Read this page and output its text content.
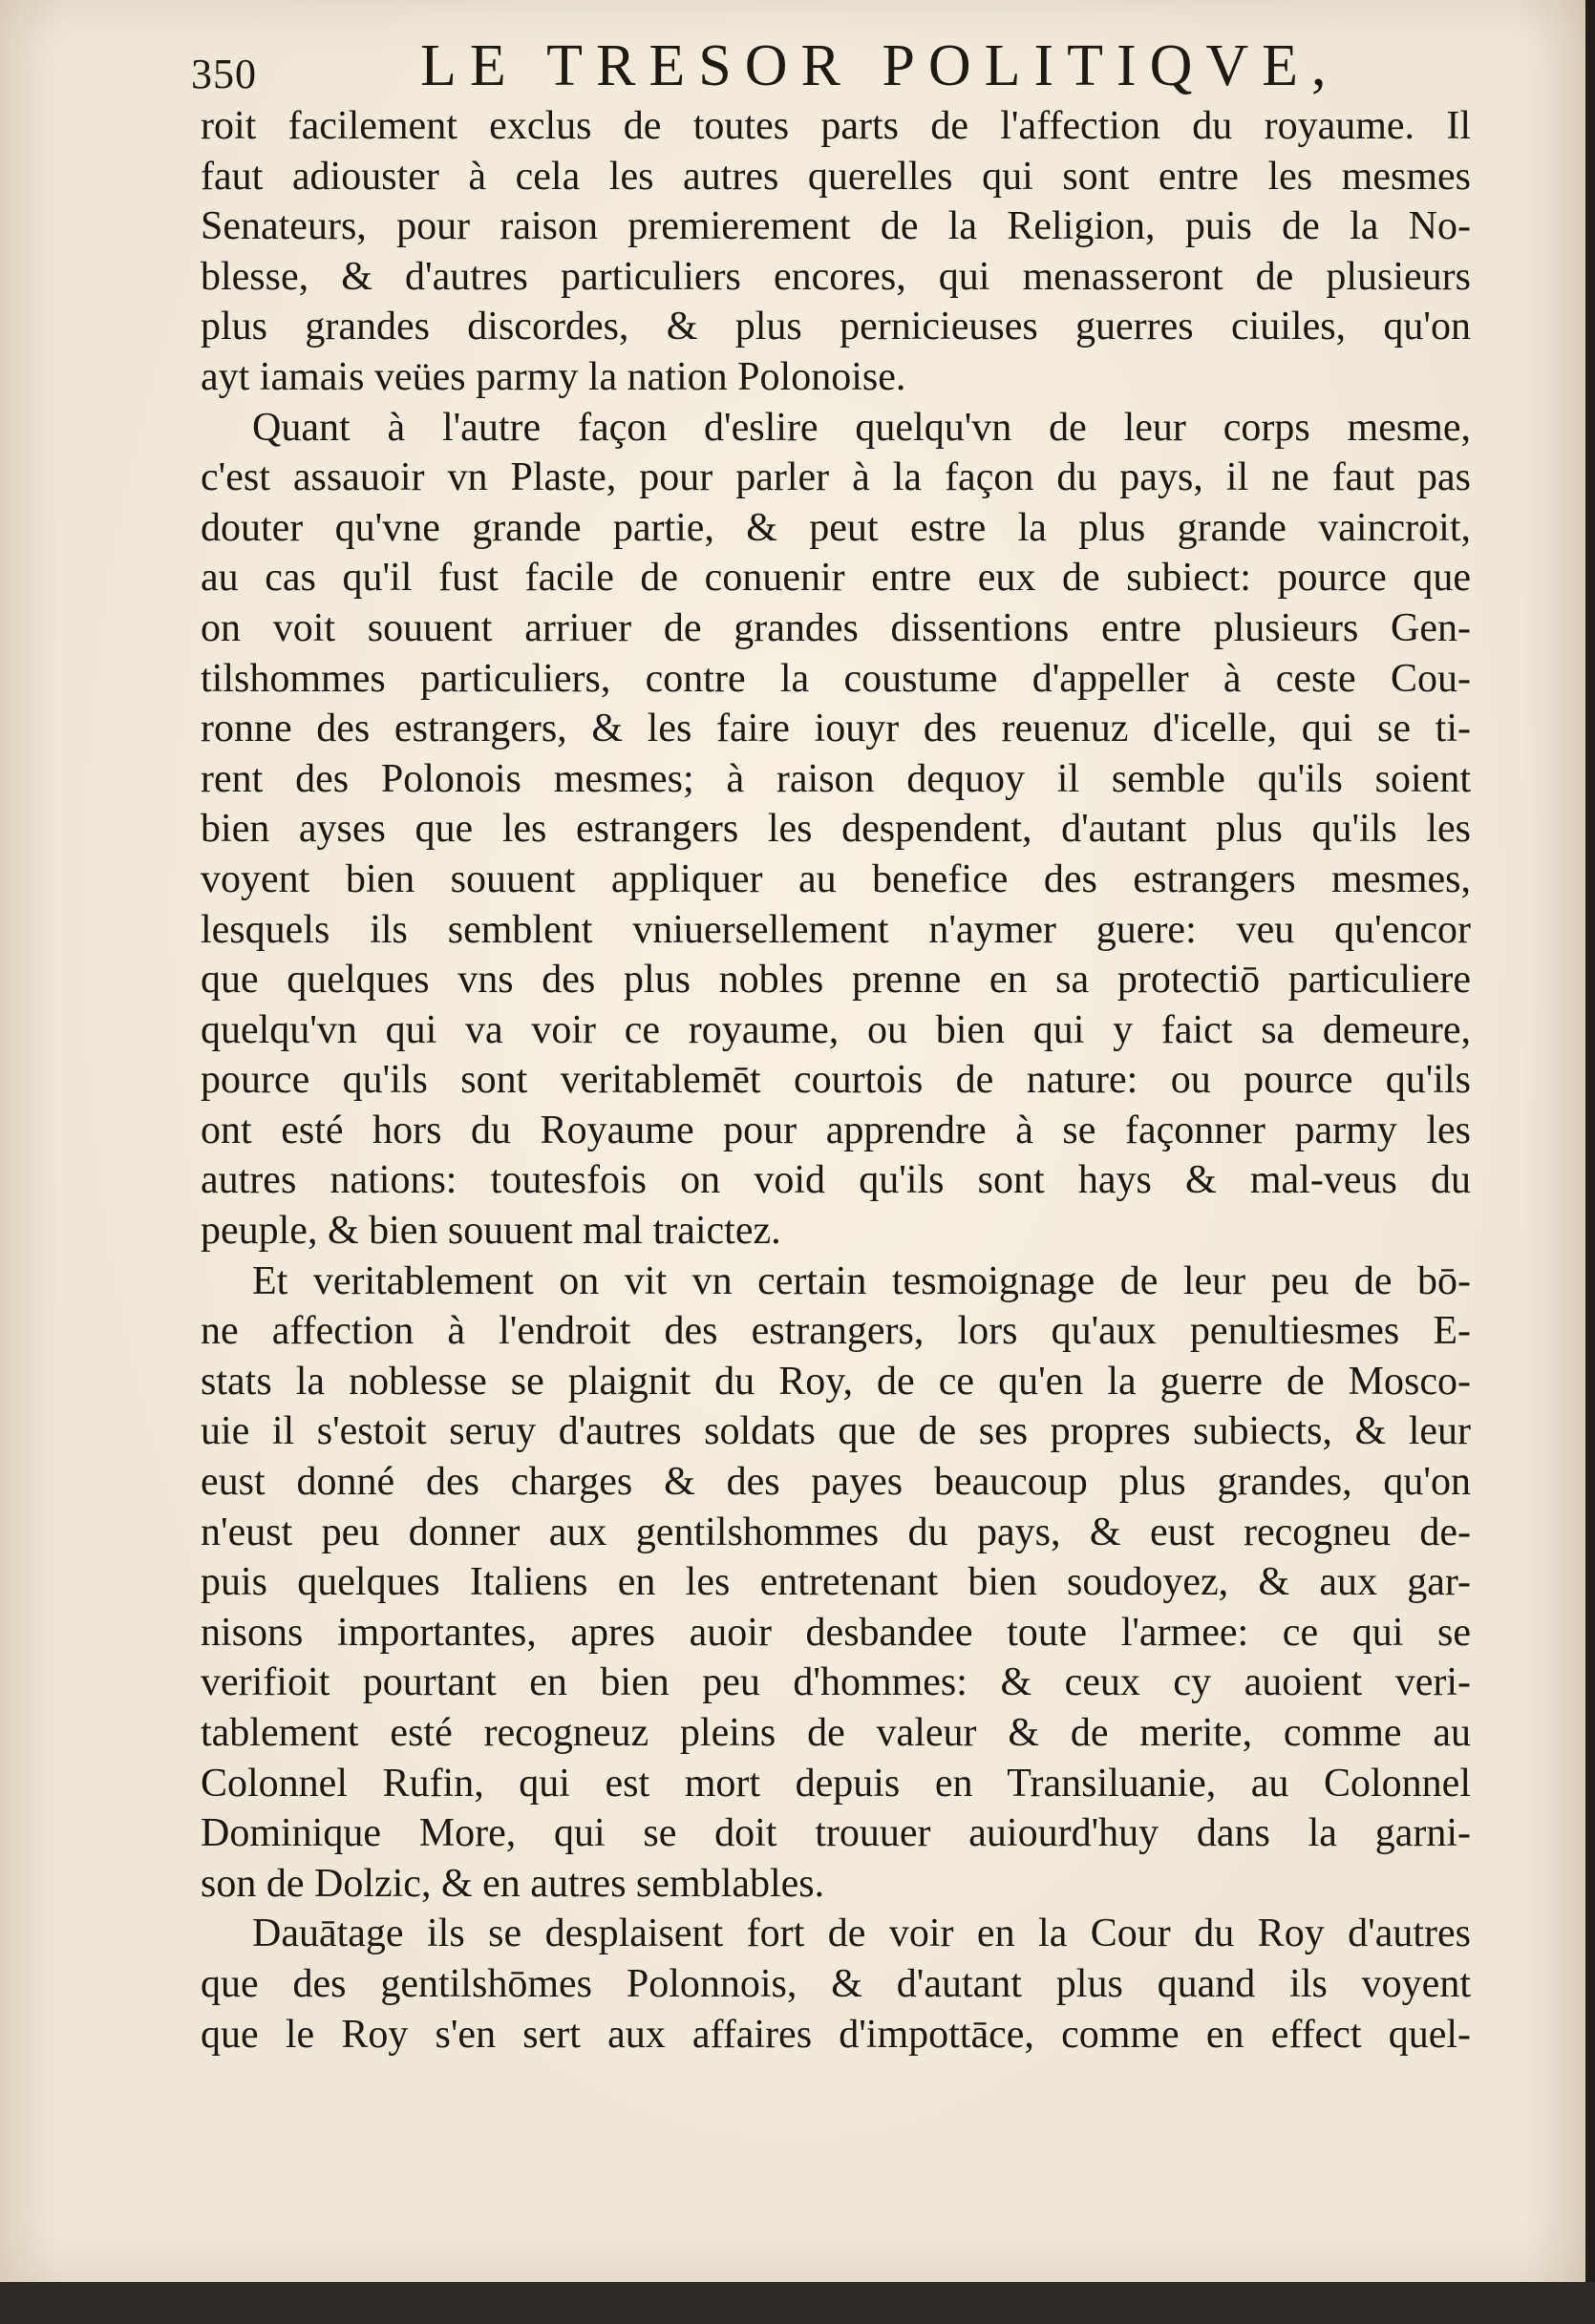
350	LE TRESOR POLITIQVE,

roit facilement exclus de toutes parts de l'affection du royaume. Il
faut adiouster à cela les autres querelles qui sont entre les mesmes
Senateurs, pour raison premierement de la Religion, puis de la No-
blesse, & d'autres particuliers encores, qui menasseront de plusieurs
plus grandes discordes, & plus pernicieuses guerres ciuiles, qu'on
ayt iamais veües parmy la nation Polonoise.

Quant à l'autre façon d'eslire quelqu'vn de leur corps mesme,
c'est assauoir vn Plaste, pour parler à la façon du pays, il ne faut pas
douter qu'vne grande partie, & peut estre la plus grande vaincroit,
au cas qu'il fust facile de conuenir entre eux de subiect: pource que
on voit souuent arriuer de grandes dissentions entre plusieurs Gen-
tilshommes particuliers, contre la coustume d'appeller à ceste Cou-
ronne des estrangers, & les faire iouyr des reuenuz d'icelle, qui se ti-
rent des Polonois mesmes; à raison dequoy il semble qu'ils soient
bien ayses que les estrangers les despendent, d'autant plus qu'ils les
voyent bien souuent appliquer au benefice des estrangers mesmes,
lesquels ils semblent vniuersellement n'aymer guere: veu qu'encor
que quelques vns des plus nobles prenne en sa protectiō particuliere
quelqu'vn qui va voir ce royaume, ou bien qui y faict sa demeure,
pource qu'ils sont veritablemēt courtois de nature: ou pource qu'ils
ont esté hors du Royaume pour apprendre à se façonner parmy les
autres nations: toutesfois on void qu'ils sont hays & mal-veus du
peuple, & bien souuent mal traictez.

Et veritablement on vit vn certain tesmoignage de leur peu de bō-
ne affection à l'endroit des estrangers, lors qu'aux penultiesmes E-
stats la noblesse se plaignit du Roy, de ce qu'en la guerre de Mosco-
uie il s'estoit seruy d'autres soldats que de ses propres subiects, & leur
eust donné des charges & des payes beaucoup plus grandes, qu'on
n'eust peu donner aux gentilshommes du pays, & eust recogneu de-
puis quelques Italiens en les entretenant bien soudoyez, & aux gar-
nisons importantes, apres auoir desbandee toute l'armee: ce qui se
verifioit pourtant en bien peu d'hommes: & ceux cy auoient veri-
tablement esté recogneuz pleins de valeur & de merite, comme au
Colonnel Rufin, qui est mort depuis en Transiluanie, au Colonnel
Dominique More, qui se doit trouuer auiourd'huy dans la garni-
son de Dolzic, & en autres semblables.

Dauātage ils se desplaisent fort de voir en la Cour du Roy d'autres
que des gentilshōmes Polonnois, & d'autant plus quand ils voyent
que le Roy s'en sert aux affaires d'impottāce, comme en effect quel-
